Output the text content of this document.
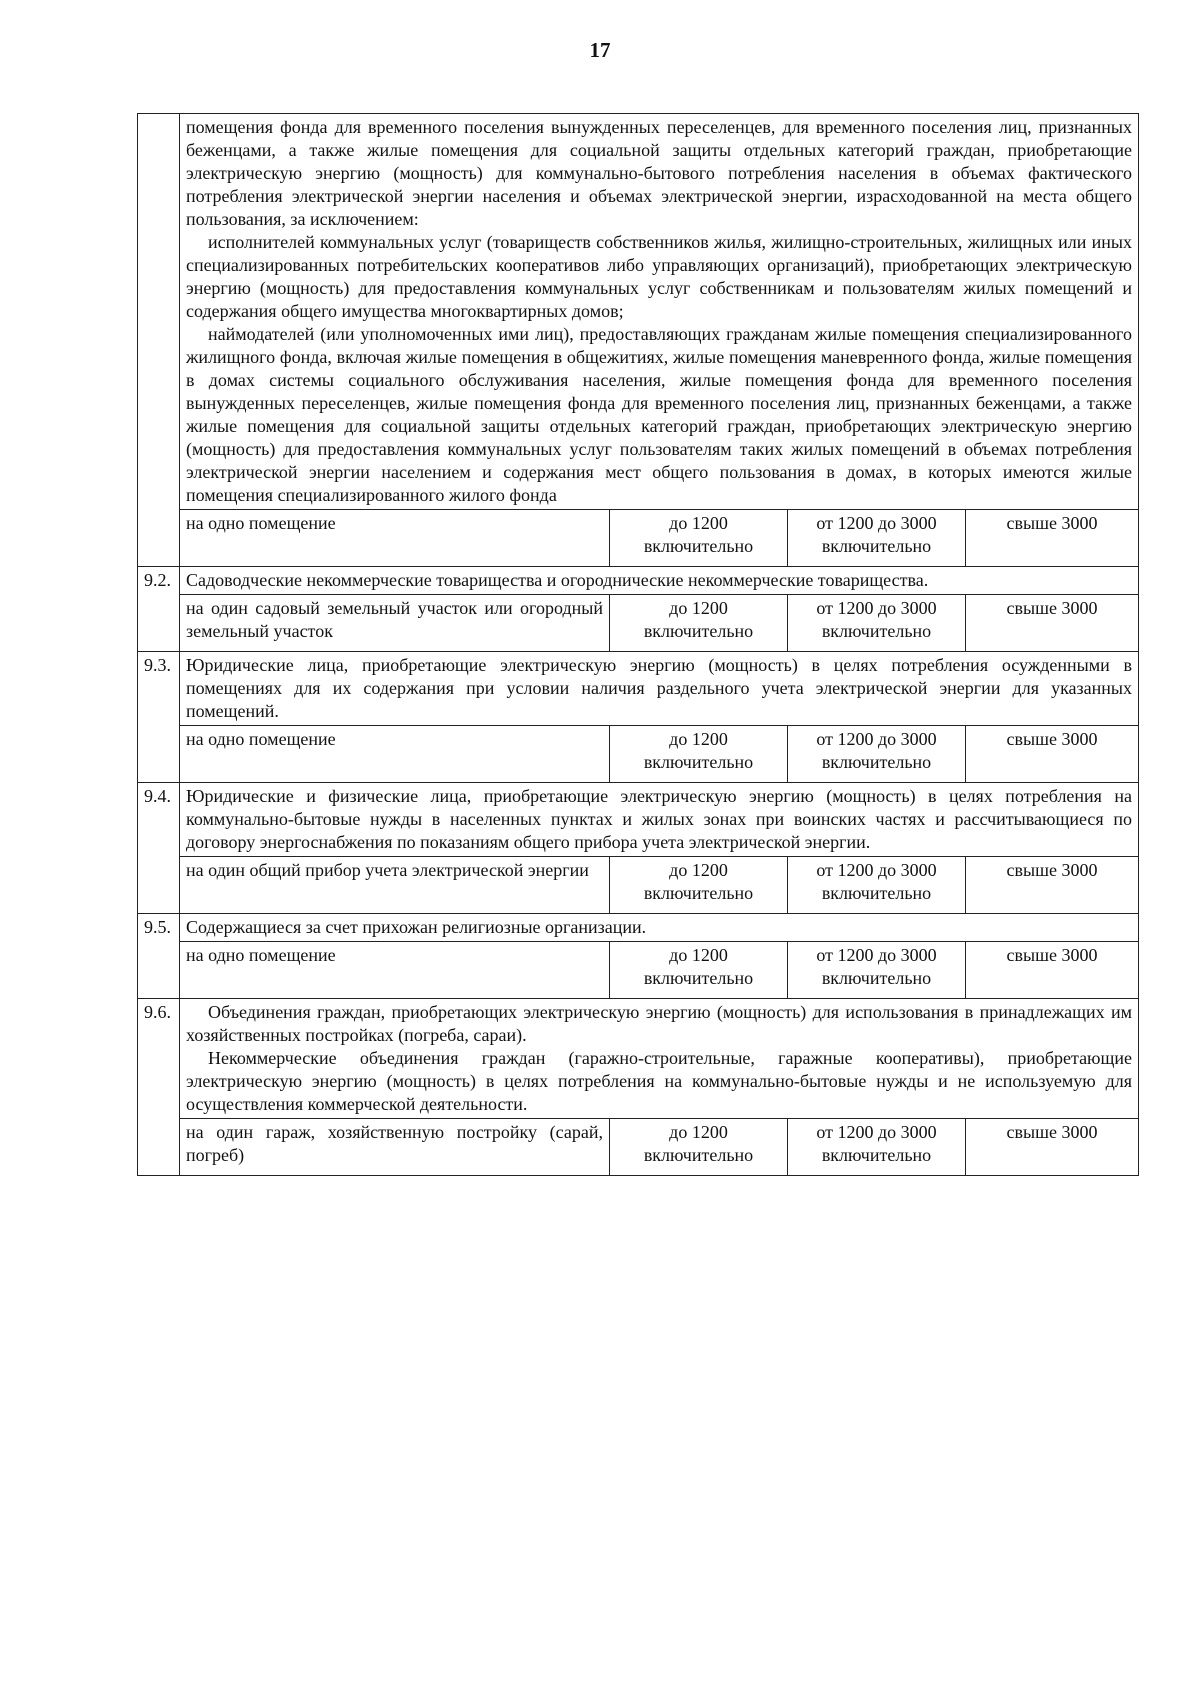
17

	помещения фонда для временного поселения вынужденных переселенцев, для временного поселения лиц, признанных беженцами, а также жилые помещения для социальной защиты отдельных категорий граждан, приобретающие электрическую энергию (мощность) для коммунально-бытового потребления населения в объемах фактического потребления электрической энергии населения и объемах электрической энергии, израсходованной на места общего пользования, за исключением:

исполнителей коммунальных услуг (товариществ собственников жилья, жилищно-строительных, жилищных или иных специализированных потребительских кооперативов либо управляющих организаций), приобретающих электрическую энергию (мощность) для предоставления коммунальных услуг собственникам и пользователям жилых помещений и содержания общего имущества многоквартирных домов;

наймодателей (или уполномоченных ими лиц), предоставляющих гражданам жилые помещения специализированного жилищного фонда, включая жилые помещения в общежитиях, жилые помещения маневренного фонда, жилые помещения в домах системы социального обслуживания населения, жилые помещения фонда для временного поселения вынужденных переселенцев, жилые помещения фонда для временного поселения лиц, признанных беженцами, а также жилые помещения для социальной защиты отдельных категорий граждан, приобретающих электрическую энергию (мощность) для предоставления коммунальных услуг пользователям таких жилых помещений в объемах потребления электрической энергии населением и содержания мест общего пользования в домах, в которых имеются жилые помещения специализированного жилого фонда			

	на одно помещение	до 1200 включительно	от 1200 до 3000 включительно	свыше 3000
9.2.	Садоводческие некоммерческие товарищества и огороднические некоммерческие товарищества.			

	на один садовый земельный участок или огородный земельный участок	до 1200 включительно	от 1200 до 3000 включительно	свыше 3000
9.3.	Юридические лица, приобретающие электрическую энергию (мощность) в целях потребления осужденными в помещениях для их содержания при условии наличия раздельного учета электрической энергии для указанных помещений.			

	на одно помещение	до 1200 включительно	от 1200 до 3000 включительно	свыше 3000
9.4.	Юридические и физические лица, приобретающие электрическую энергию (мощность) в целях потребления на коммунально-бытовые нужды в населенных пунктах и жилых зонах при воинских частях и рассчитывающиеся по договору энергоснабжения по показаниям общего прибора учета электрической энергии.			

	на один общий прибор учета электрической энергии	до 1200 включительно	от 1200 до 3000 включительно	свыше 3000
9.5.	Содержащиеся за счет прихожан религиозные организации.			

	на одно помещение	до 1200 включительно	от 1200 до 3000 включительно	свыше 3000
9.6.	Объединения граждан, приобретающих электрическую энергию (мощность) для использования в принадлежащих им хозяйственных постройках (погреба, сараи).

Некоммерческие объединения граждан (гаражно-строительные, гаражные кооперативы), приобретающие электрическую энергию (мощность) в целях потребления на коммунально-бытовые нужды и не используемую для осуществления коммерческой деятельности.			

	на один гараж, хозяйственную постройку (сарай, погреб)	до 1200 включительно	от 1200 до 3000 включительно	свыше 3000
